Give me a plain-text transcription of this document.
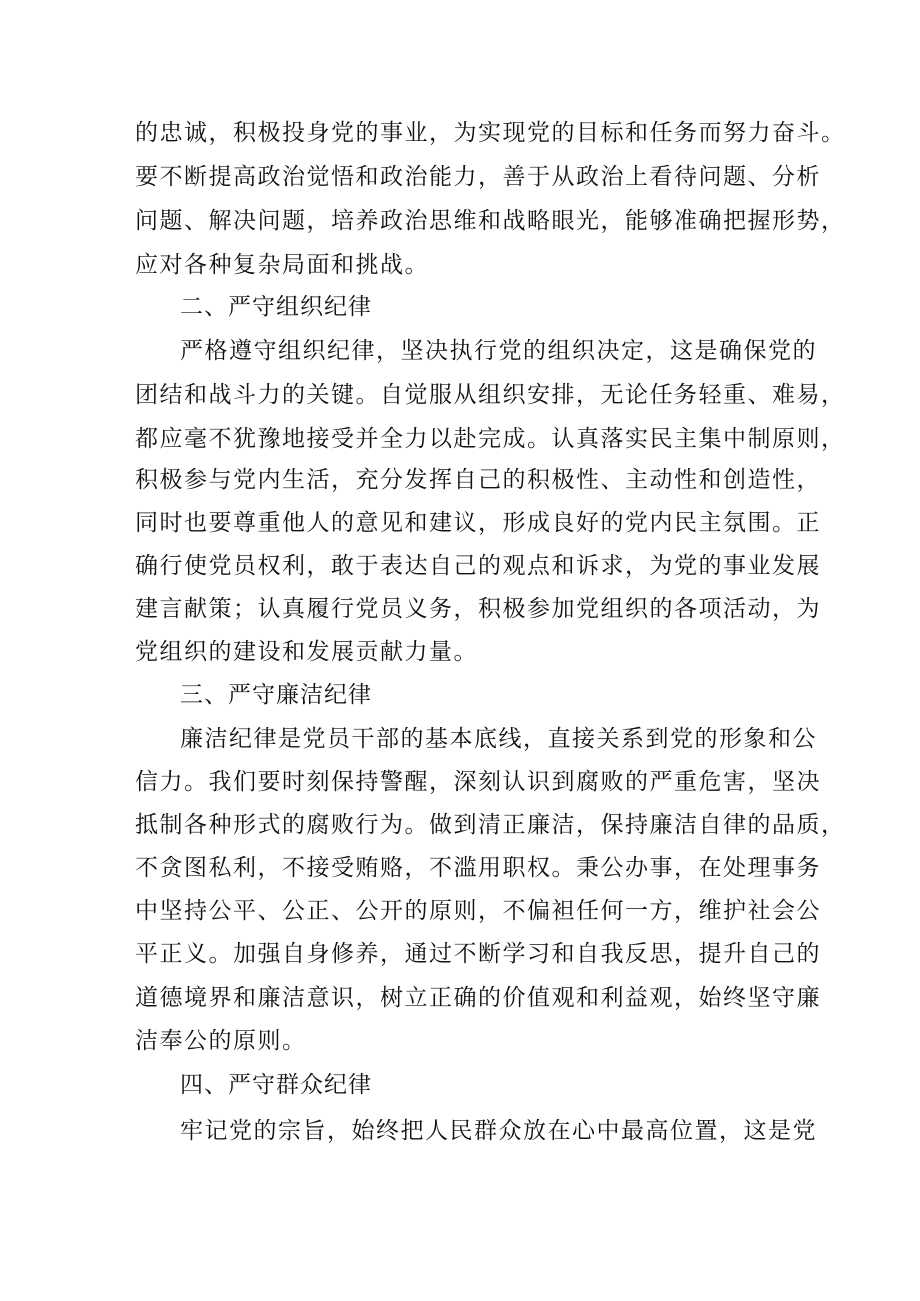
的忠诚，积极投身党的事业，为实现党的目标和任务而努力奋斗。
要不断提高政治觉悟和政治能力，善于从政治上看待问题、分析
问题、解决问题，培养政治思维和战略眼光，能够准确把握形势，
应对各种复杂局面和挑战。
二、严守组织纪律
严格遵守组织纪律，坚决执行党的组织决定，这是确保党的
团结和战斗力的关键。自觉服从组织安排，无论任务轻重、难易，
都应毫不犹豫地接受并全力以赴完成。认真落实民主集中制原则，
积极参与党内生活，充分发挥自己的积极性、主动性和创造性，
同时也要尊重他人的意见和建议，形成良好的党内民主氛围。正
确行使党员权利，敢于表达自己的观点和诉求，为党的事业发展
建言献策；认真履行党员义务，积极参加党组织的各项活动，为
党组织的建设和发展贡献力量。
三、严守廉洁纪律
廉洁纪律是党员干部的基本底线，直接关系到党的形象和公
信力。我们要时刻保持警醒，深刻认识到腐败的严重危害，坚决
抵制各种形式的腐败行为。做到清正廉洁，保持廉洁自律的品质，
不贪图私利，不接受贿赂，不滥用职权。秉公办事，在处理事务
中坚持公平、公正、公开的原则，不偏袒任何一方，维护社会公
平正义。加强自身修养，通过不断学习和自我反思，提升自己的
道德境界和廉洁意识，树立正确的价值观和利益观，始终坚守廉
洁奉公的原则。
四、严守群众纪律
牢记党的宗旨，始终把人民群众放在心中最高位置，这是党
